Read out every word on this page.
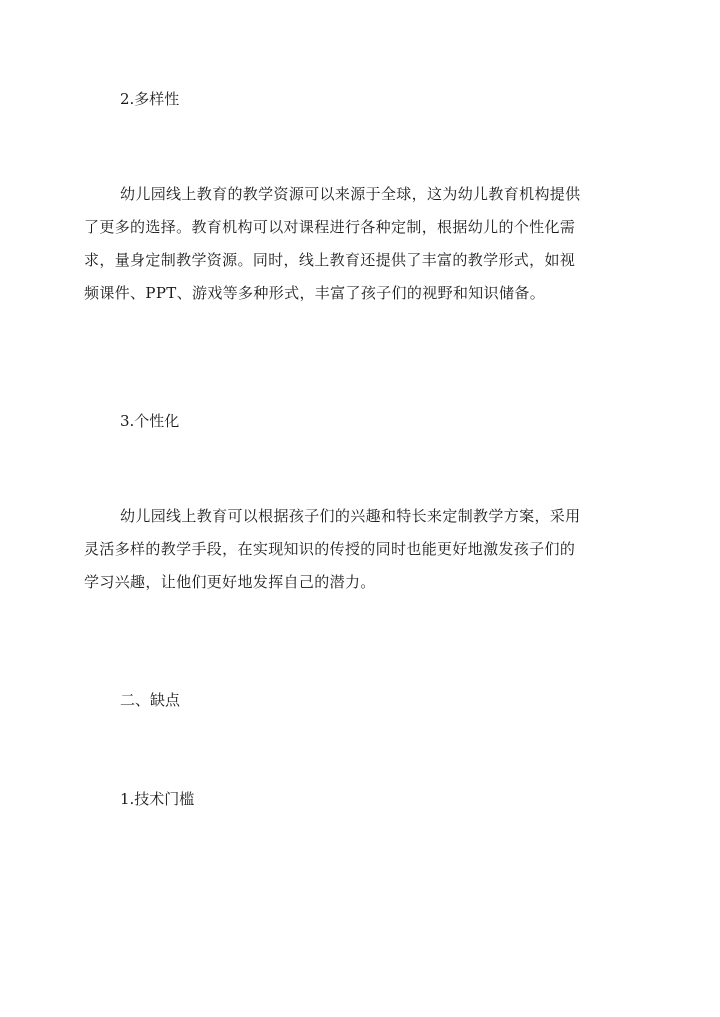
2.多样性

幼儿园线上教育的教学资源可以来源于全球，这为幼儿教育机构提供
了更多的选择。教育机构可以对课程进行各种定制，根据幼儿的个性化需
求，量身定制教学资源。同时，线上教育还提供了丰富的教学形式，如视
频课件、PPT、游戏等多种形式，丰富了孩子们的视野和知识储备。

3.个性化

幼儿园线上教育可以根据孩子们的兴趣和特长来定制教学方案，采用
灵活多样的教学手段，在实现知识的传授的同时也能更好地激发孩子们的
学习兴趣，让他们更好地发挥自己的潜力。

二、缺点
1.技术门槛
